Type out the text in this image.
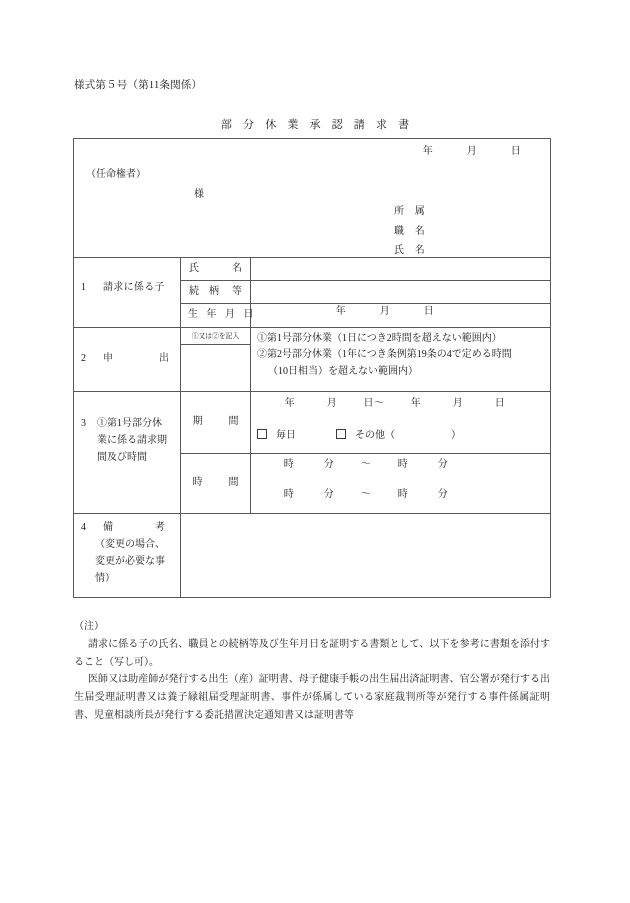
様式第５号（第11条関係）
部 分 休 業 承 認 請 求 書
年	月	日
（任命権者）
様
所　属
職　名
氏　名

1 請求に係る子	氏 名	

	続　柄 等	

	生 年 月 日	年 月 日

2 申 出	①又は②を記入	①第1号部分休業（1日につき2時間を超えない範囲内）
②第2号部分休業（1年につき条例第19条の4で定める時間
（10日相当）を超えない範囲内）

3 ①第1号部分休
業に係る請求期
間及び時間

期	間

年	月	日～	年	月	日
毎日	その他（	）

	時 間	時 分 ～ 時 分
時 分 ～ 時 分

4 備 考
（変更の場合、
変更が必要な事
情）		

（注）

請求に係る子の氏名、職員との続柄等及び生年月日を証明する書類として、以下を参考に書類を添付すること（写し可）。

医師又は助産師が発行する出生（産）証明書、母子健康手帳の出生届出済証明書、官公署が発行する出生届受理証明書又は養子縁組届受理証明書、事件が係属している家庭裁判所等が発行する事件係属証明書、児童相談所長が発行する委託措置決定通知書又は証明書等
